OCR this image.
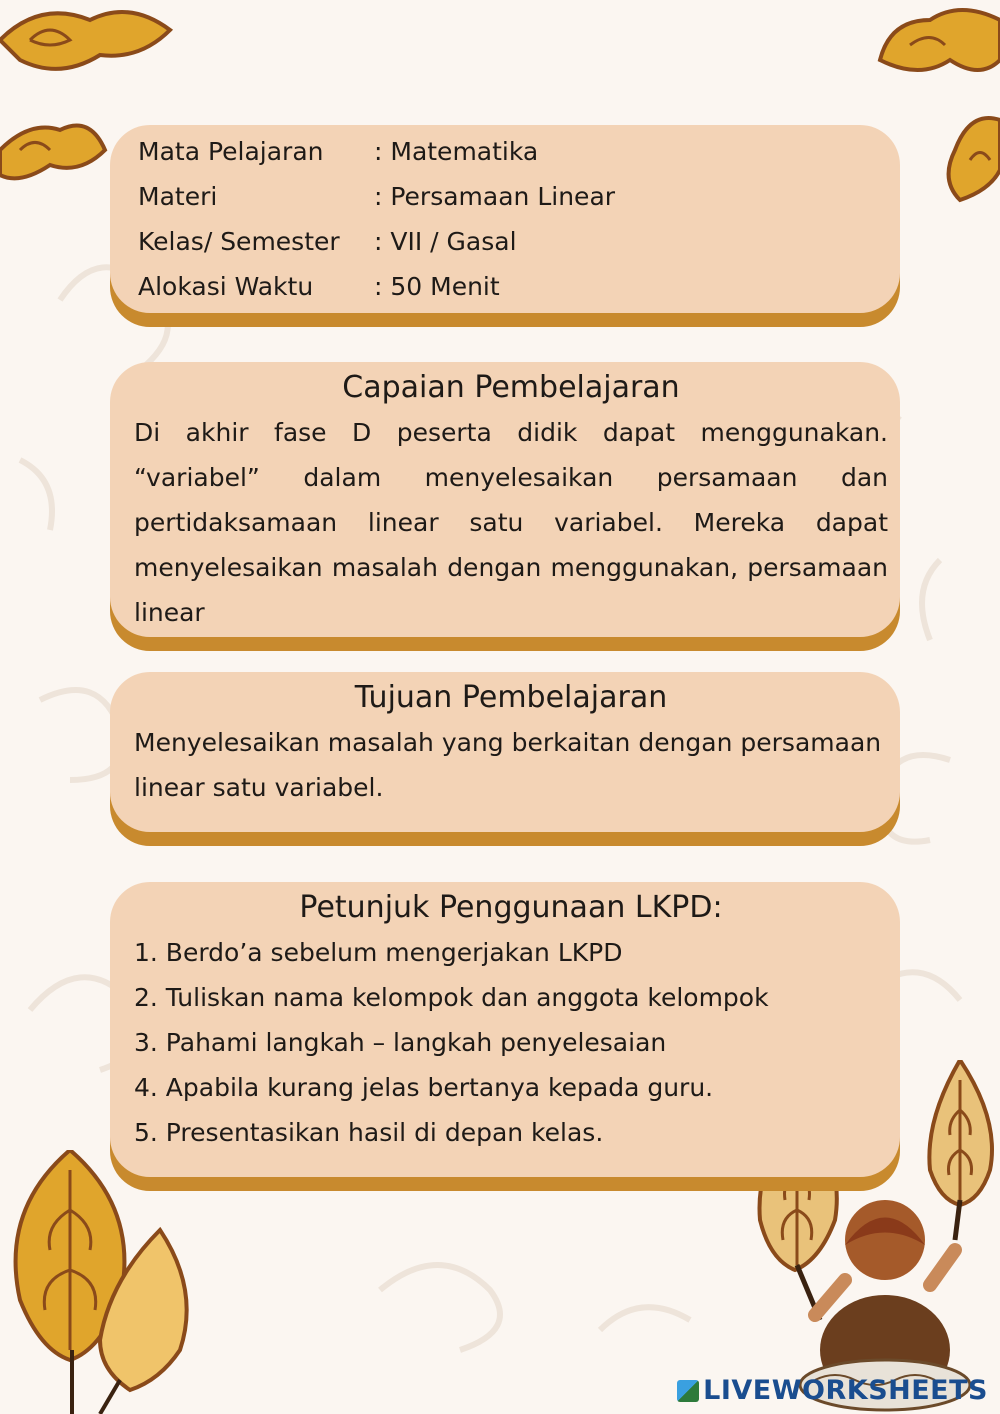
Mata Pelajaran	: Matematika
Materi	: Persamaan Linear
Kelas/ Semester	: VII / Gasal
Alokasi Waktu	: 50 Menit
Capaian Pembelajaran
Di akhir fase D peserta didik dapat menggunakan. “variabel” dalam menyelesaikan persamaan dan pertidaksamaan linear satu variabel. Mereka dapat menyelesaikan masalah dengan menggunakan, persamaan linear
Tujuan Pembelajaran
Menyelesaikan masalah yang berkaitan dengan persamaan linear satu variabel.
Petunjuk Penggunaan LKPD:
1. Berdo’a sebelum mengerjakan LKPD
2. Tuliskan nama kelompok dan anggota kelompok
3. Pahami langkah – langkah penyelesaian
4. Apabila kurang jelas bertanya kepada guru.
5. Presentasikan hasil di depan kelas.
LIVEWORKSHEETS
